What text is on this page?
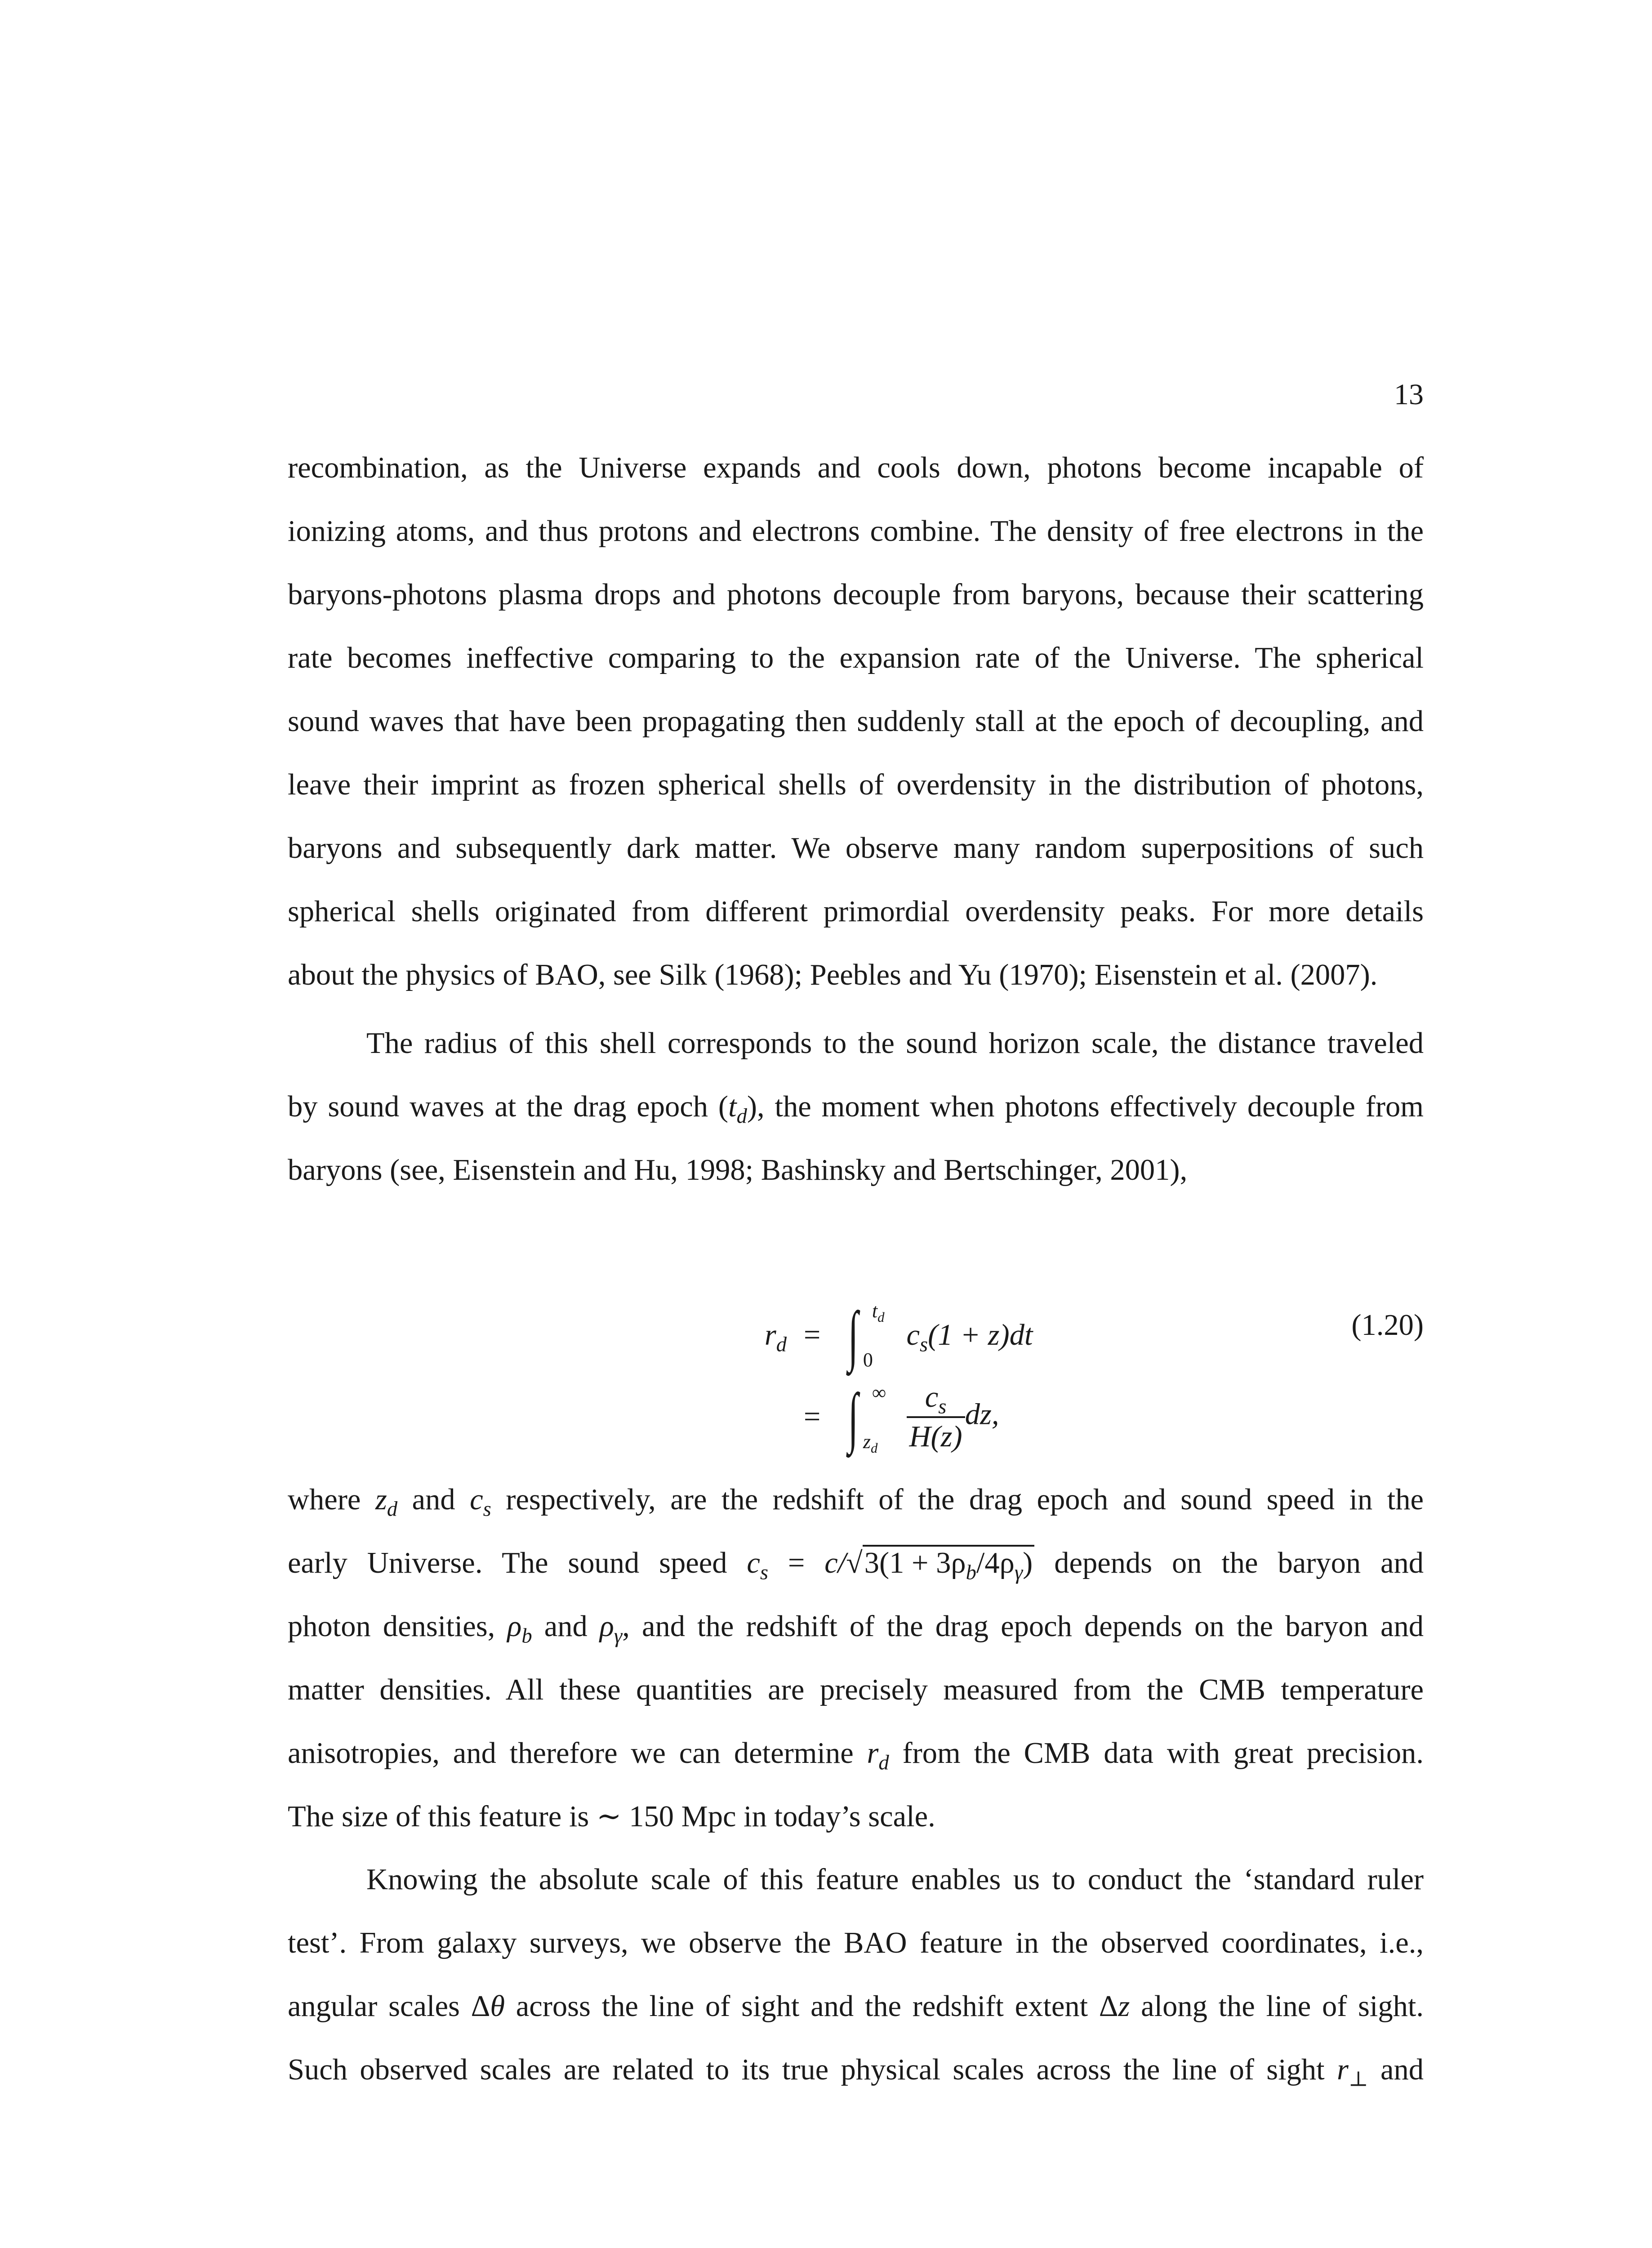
13

recombination, as the Universe expands and cools down, photons become incapable of
ionizing atoms, and thus protons and electrons combine. The density of free electrons in the
baryons-photons plasma drops and photons decouple from baryons, because their scattering
rate becomes ineffective comparing to the expansion rate of the Universe. The spherical
sound waves that have been propagating then suddenly stall at the epoch of decoupling, and
leave their imprint as frozen spherical shells of overdensity in the distribution of photons,
baryons and subsequently dark matter. We observe many random superpositions of such
spherical shells originated from different primordial overdensity peaks. For more details
about the physics of BAO, see Silk (1968); Peebles and Yu (1970); Eisenstein et al. (2007).

The radius of this shell corresponds to the sound horizon scale, the distance traveled
by sound waves at the drag epoch $(t_d)$, the moment when photons effectively decouple from
baryons (see, Eisenstein and Hu, 1998; Bashinsky and Bertschinger, 2001),

$r_d$ = ∫ $t_d$
0
$c_s(1 + z)dt$
= ∫ ∞
$z_d$
$\frac{c_s}{H(z)}$ dz,
(1.20)

where $z_d$ and $c_s$ respectively, are the redshift of the drag epoch and sound speed in the
early Universe. The sound speed $c_s = c/√3(1 + 3\rho_b/4\rho_\gamma)$ depends on the baryon and
photon densities, $\rho_b$ and $\rho_\gamma$, and the redshift of the drag epoch depends on the baryon and
matter densities. All these quantities are precisely measured from the CMB temperature
anisotropies, and therefore we can determine $r_d$ from the CMB data with great precision.
The size of this feature is ∼ 150 Mpc in today’s scale.

Knowing the absolute scale of this feature enables us to conduct the ‘standard ruler
test’. From galaxy surveys, we observe the BAO feature in the observed coordinates, i.e.,
angular scales Δθ across the line of sight and the redshift extent Δz along the line of sight.
Such observed scales are related to its true physical scales across the line of sight $r_\perp$ and
